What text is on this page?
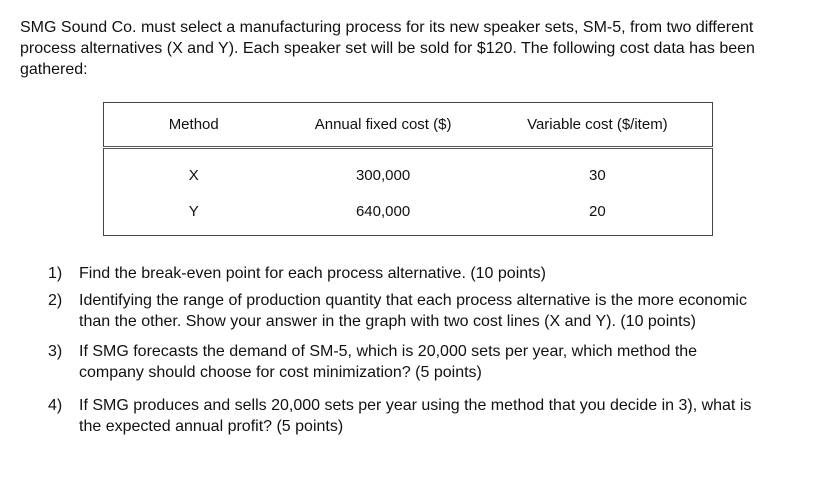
SMG Sound Co. must select a manufacturing process for its new speaker sets, SM-5, from two different

process alternatives (X and Y). Each speaker set will be sold for $120. The following cost data has been

gathered:

Method	Annual fixed cost ($)	Variable cost ($/item)
X	300,000	30
Y	640,000	20
1) Find the break-even point for each process alternative. (10 points)
2) Identifying the range of production quantity that each process alternative is the more economic
than the other. Show your answer in the graph with two cost lines (X and Y). (10 points)
3) If SMG forecasts the demand of SM-5, which is 20,000 sets per year, which method the
company should choose for cost minimization? (5 points)
4) If SMG produces and sells 20,000 sets per year using the method that you decide in 3), what is
the expected annual profit? (5 points)
